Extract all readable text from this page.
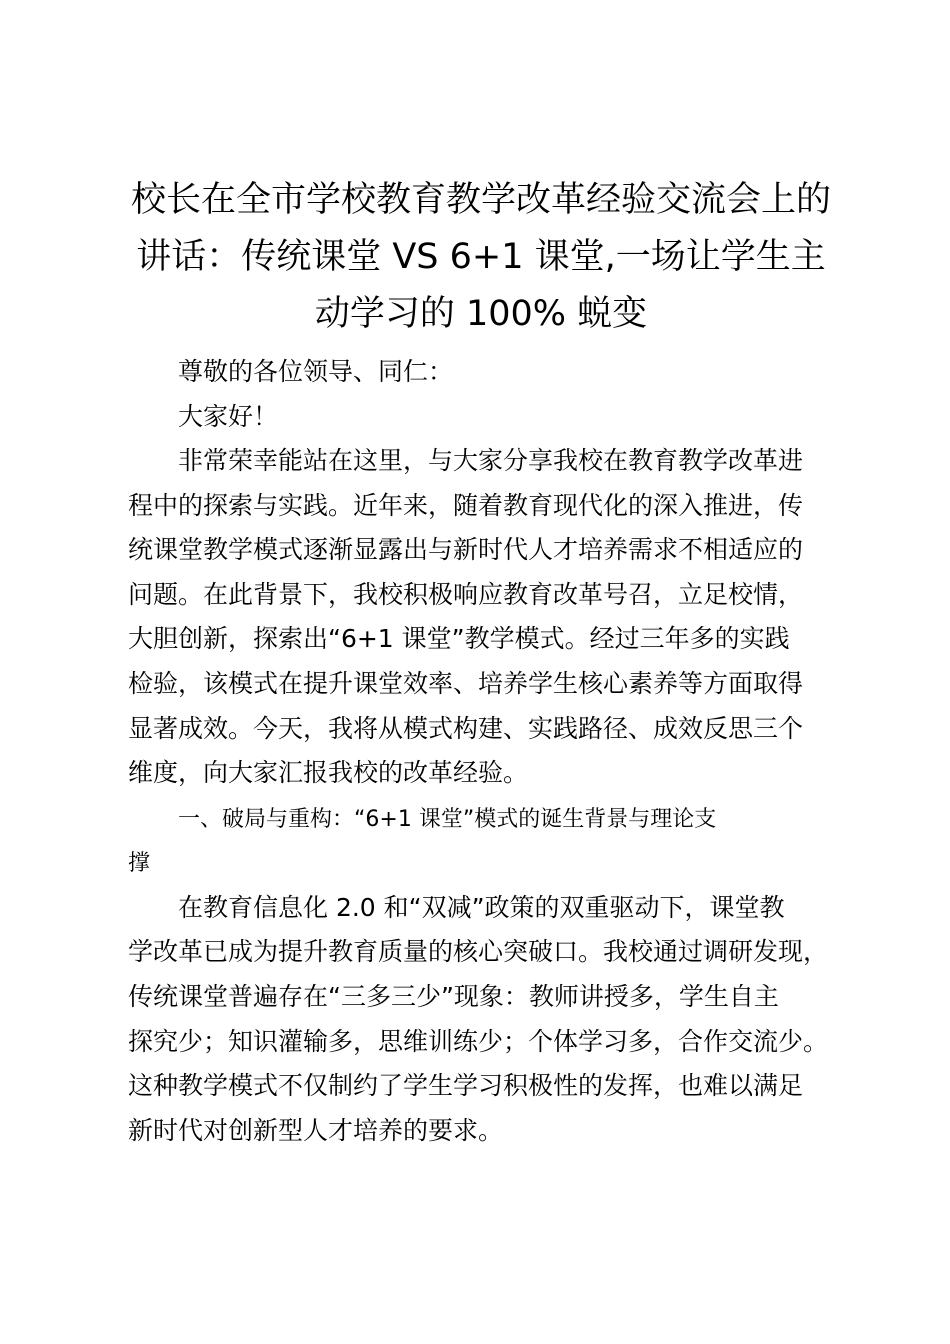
校长在全市学校教育教学改革经验交流会上的
讲话：传统课堂 VS 6+1 课堂,一场让学生主
动学习的 100% 蜕变

尊敬的各位领导、同仁：

大家好！

非常荣幸能站在这里，与大家分享我校在教育教学改革进
程中的探索与实践。近年来，随着教育现代化的深入推进，传
统课堂教学模式逐渐显露出与新时代人才培养需求不相适应的
问题。在此背景下，我校积极响应教育改革号召，立足校情，
大胆创新，探索出“6+1 课堂”教学模式。经过三年多的实践
检验，该模式在提升课堂效率、培养学生核心素养等方面取得
显著成效。今天，我将从模式构建、实践路径、成效反思三个
维度，向大家汇报我校的改革经验。

一、破局与重构：“6+1 课堂”模式的诞生背景与理论支
撑

在教育信息化 2.0 和“双减”政策的双重驱动下，课堂教
学改革已成为提升教育质量的核心突破口。我校通过调研发现，
传统课堂普遍存在“三多三少”现象：教师讲授多，学生自主
探究少；知识灌输多，思维训练少；个体学习多，合作交流少。
这种教学模式不仅制约了学生学习积极性的发挥，也难以满足
新时代对创新型人才培养的要求。
